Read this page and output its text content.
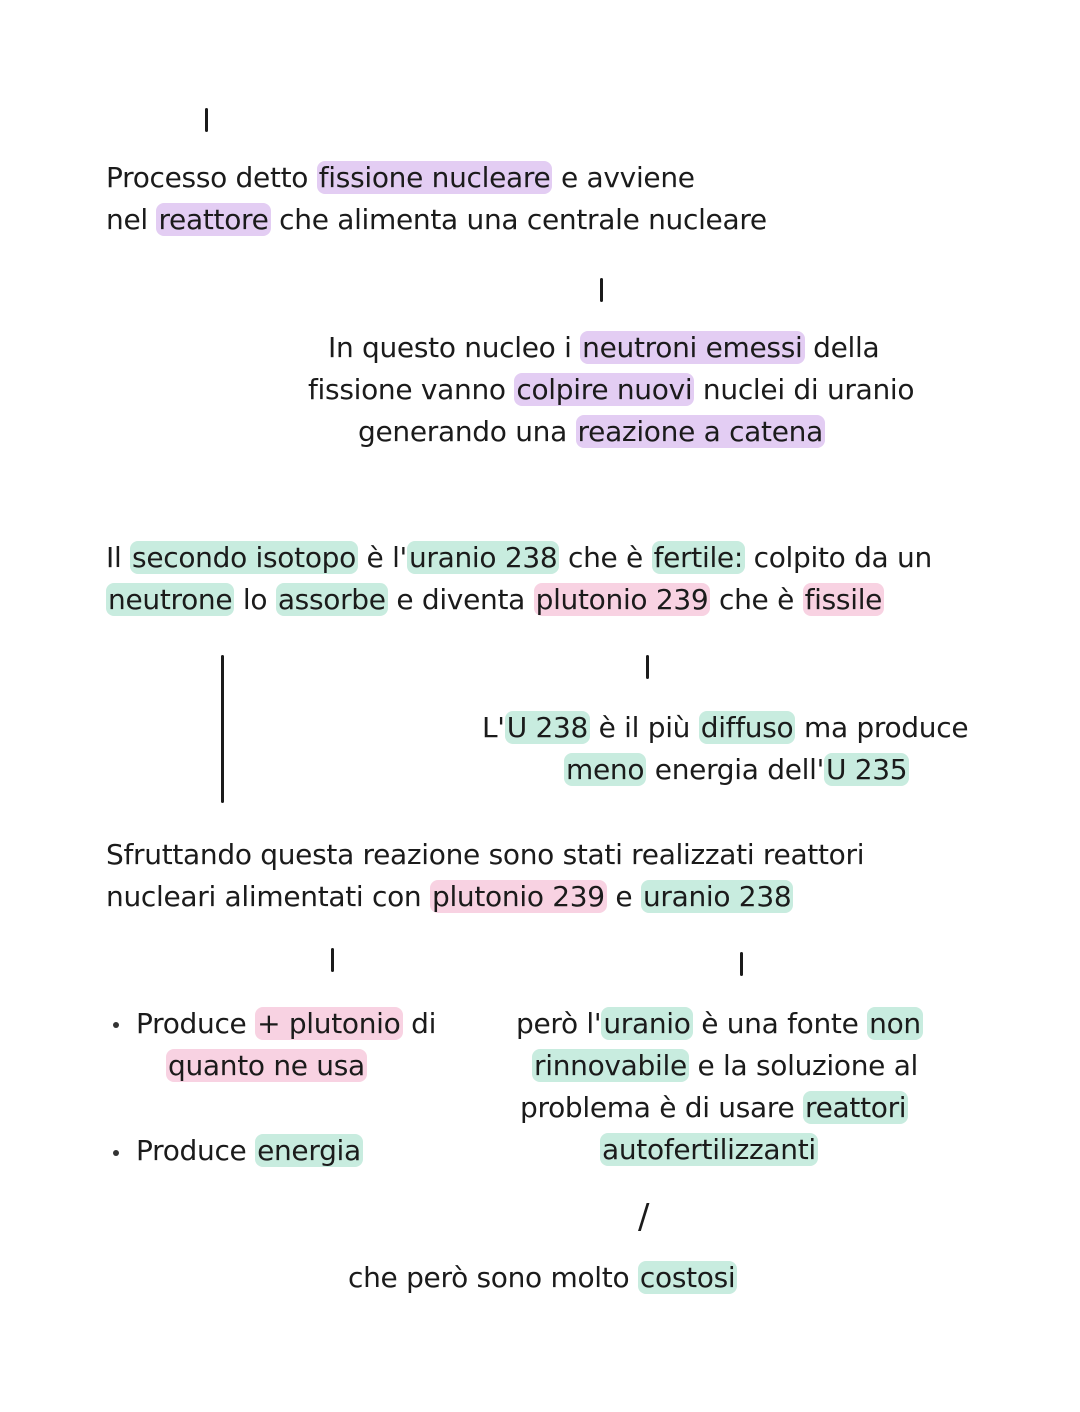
Processo detto fissione nucleare e avviene

nel reattore che alimenta una centrale nucleare

In questo nucleo i neutroni emessi della

fissione vanno colpire nuovi nuclei di uranio

generando una reazione a catena

Il secondo isotopo è l'uranio 238 che è fertile: colpito da un

neutrone lo assorbe e diventa plutonio 239 che è fissile

L'U 238 è il più diffuso ma produce

meno energia dell'U 235

Sfruttando questa reazione sono stati realizzati reattori

nucleari alimentati con plutonio 239 e uranio 238

Produce + plutonio di

quanto ne usa

Produce energia

però l'uranio è una fonte non

rinnovabile e la soluzione al

problema è di usare reattori

autofertilizzanti

/

che però sono molto costosi
